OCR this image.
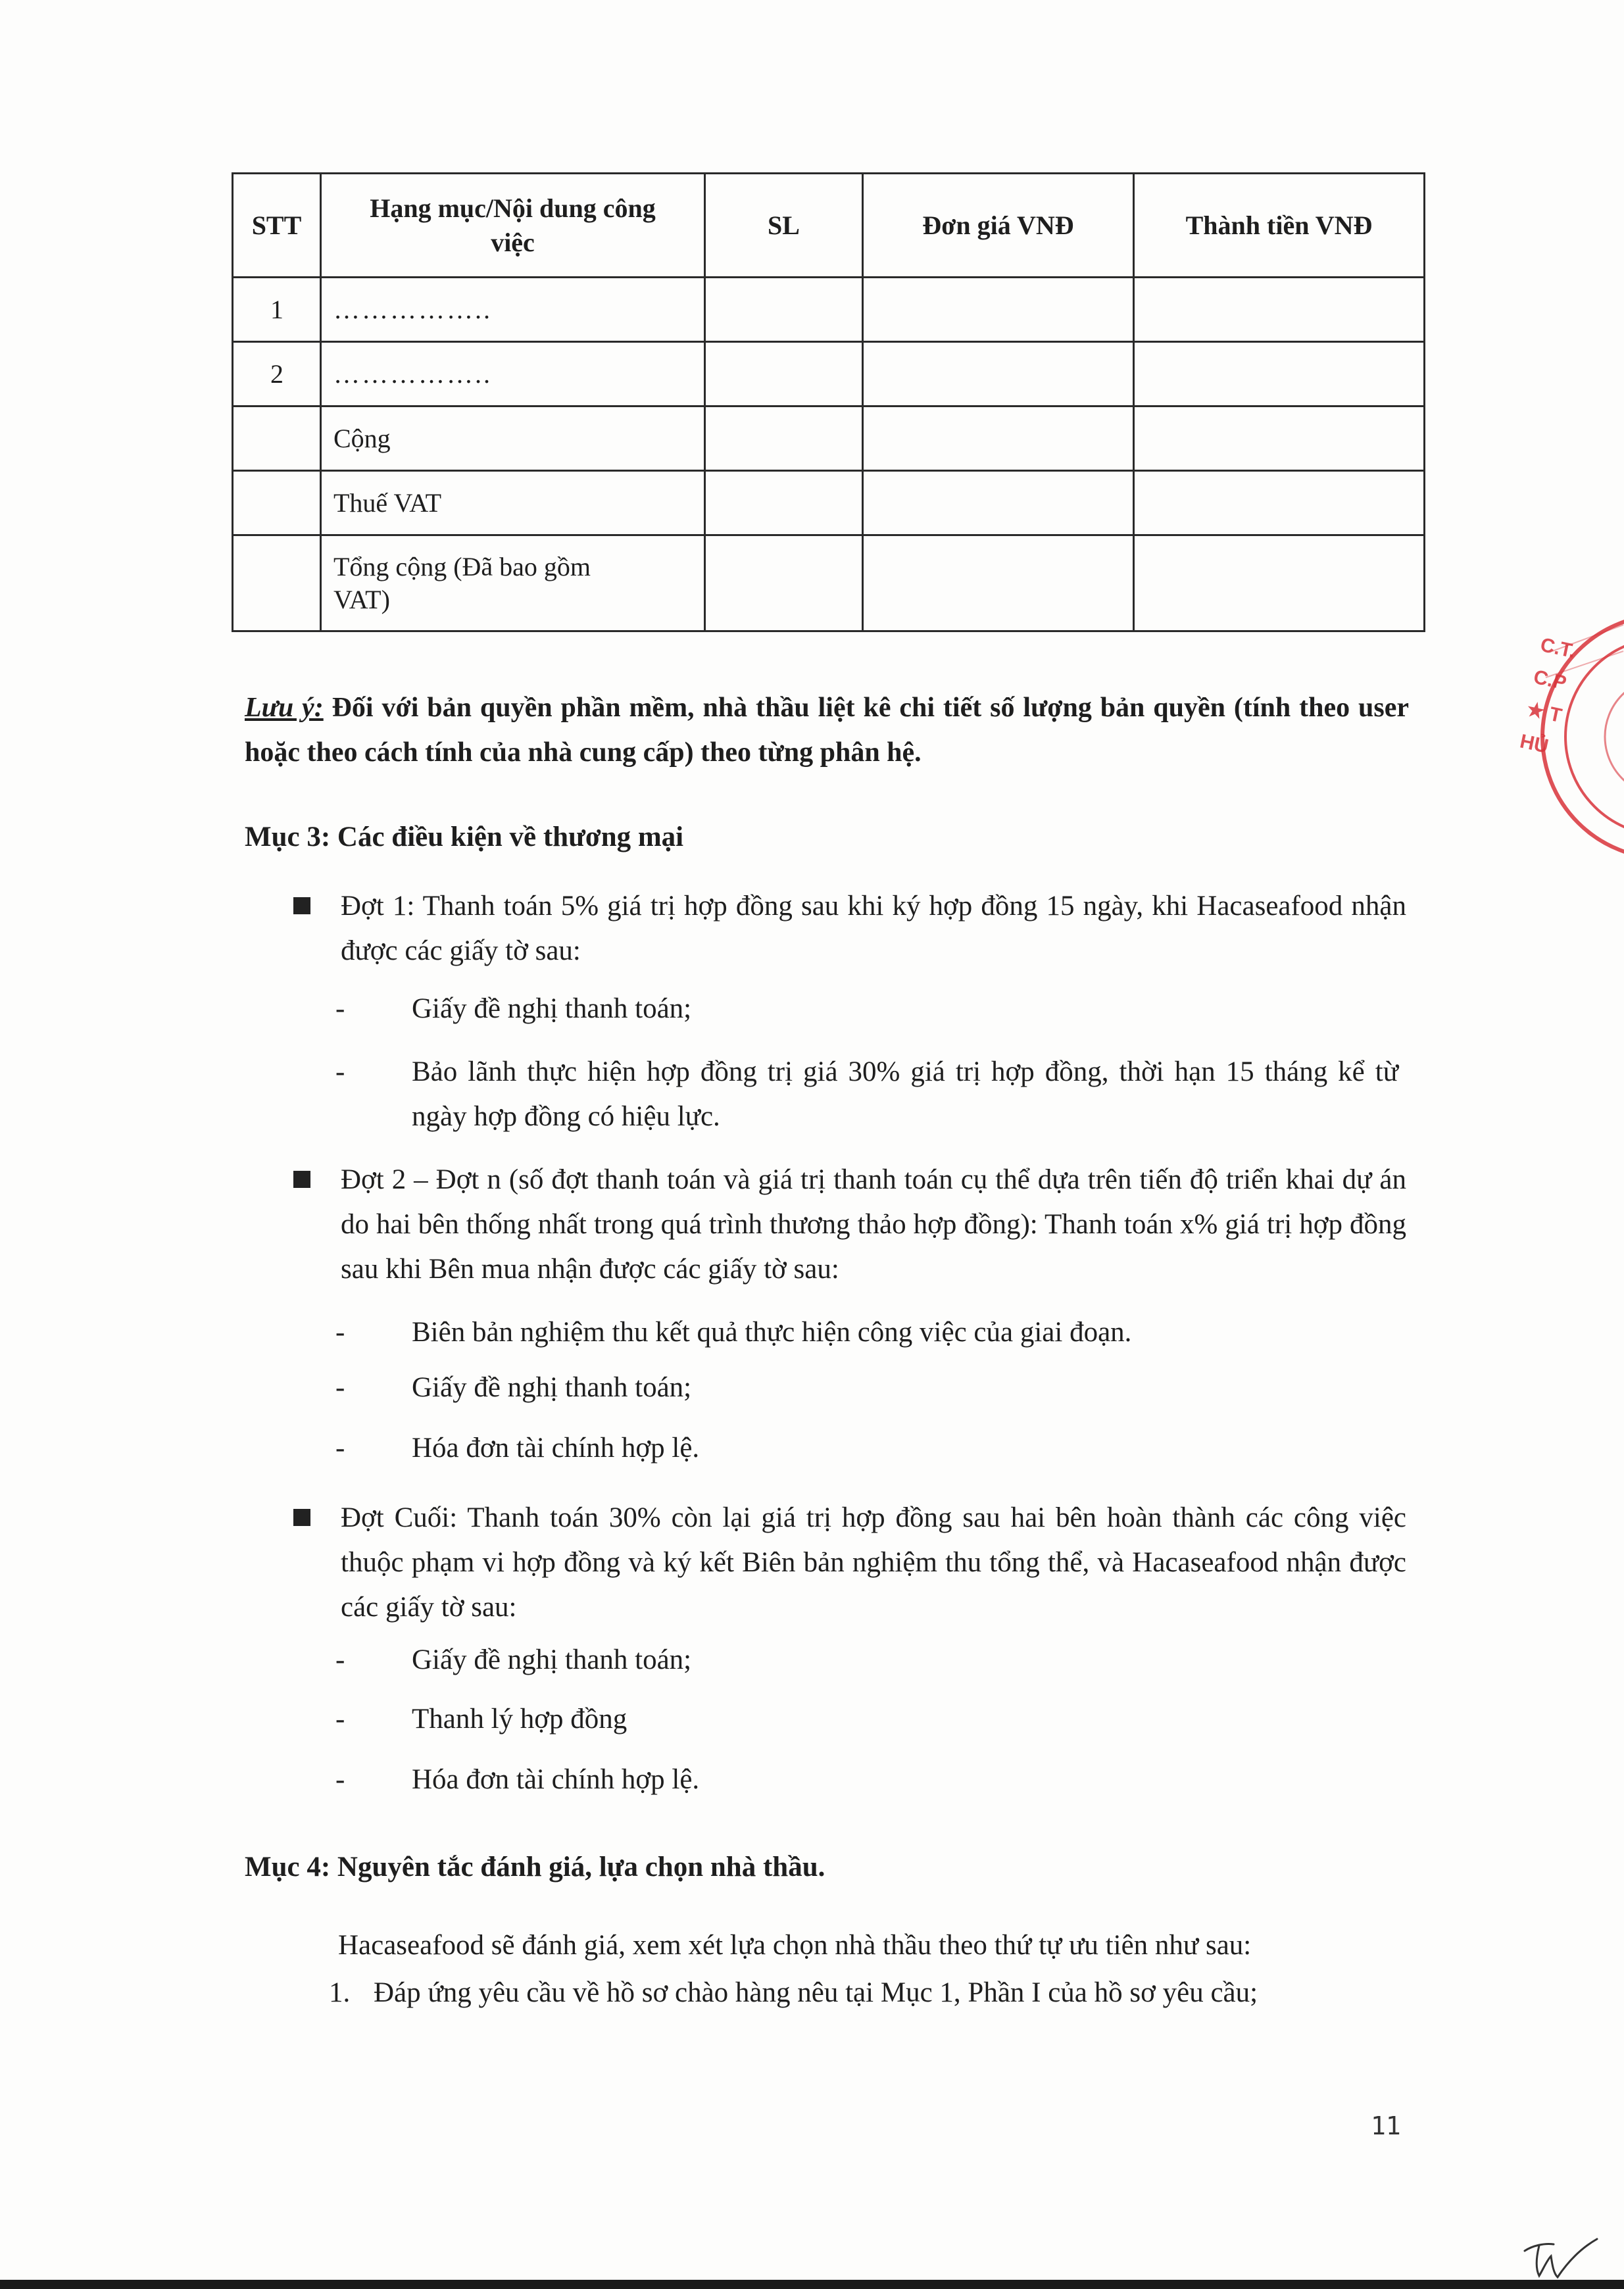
STT	Hạng mục/Nội dung công việc	SL	Đơn giá VNĐ	Thành tiền VNĐ
1	……………..			
2	……………..			
	Cộng			
	Thuế VAT			
	Tổng cộng (Đã bao gồm VAT)			
Lưu ý: Đối với bản quyền phần mềm, nhà thầu liệt kê chi tiết số lượng bản quyền (tính theo user hoặc theo cách tính của nhà cung cấp) theo từng phân hệ.
Mục 3: Các điều kiện về thương mại
Đợt 1: Thanh toán 5% giá trị hợp đồng sau khi ký hợp đồng 15 ngày, khi Hacaseafood nhận được các giấy tờ sau:
- Giấy đề nghị thanh toán;
- Bảo lãnh thực hiện hợp đồng trị giá 30% giá trị hợp đồng, thời hạn 15 tháng kể từ ngày hợp đồng có hiệu lực.
Đợt 2 – Đợt n (số đợt thanh toán và giá trị thanh toán cụ thể dựa trên tiến độ triển khai dự án do hai bên thống nhất trong quá trình thương thảo hợp đồng): Thanh toán x% giá trị hợp đồng sau khi Bên mua nhận được các giấy tờ sau:
- Biên bản nghiệm thu kết quả thực hiện công việc của giai đoạn.
- Giấy đề nghị thanh toán;
- Hóa đơn tài chính hợp lệ.
Đợt Cuối: Thanh toán 30% còn lại giá trị hợp đồng sau hai bên hoàn thành các công việc thuộc phạm vi hợp đồng và ký kết Biên bản nghiệm thu tổng thể, và Hacaseafood nhận được các giấy tờ sau:
- Giấy đề nghị thanh toán;
- Thanh lý hợp đồng
- Hóa đơn tài chính hợp lệ.
Mục 4: Nguyên tắc đánh giá, lựa chọn nhà thầu.
Hacaseafood sẽ đánh giá, xem xét lựa chọn nhà thầu theo thứ tự ưu tiên như sau:
1. Đáp ứng yêu cầu về hồ sơ chào hàng nêu tại Mục 1, Phần I của hồ sơ yêu cầu;
11
C.T.C.P ★ THỦ
